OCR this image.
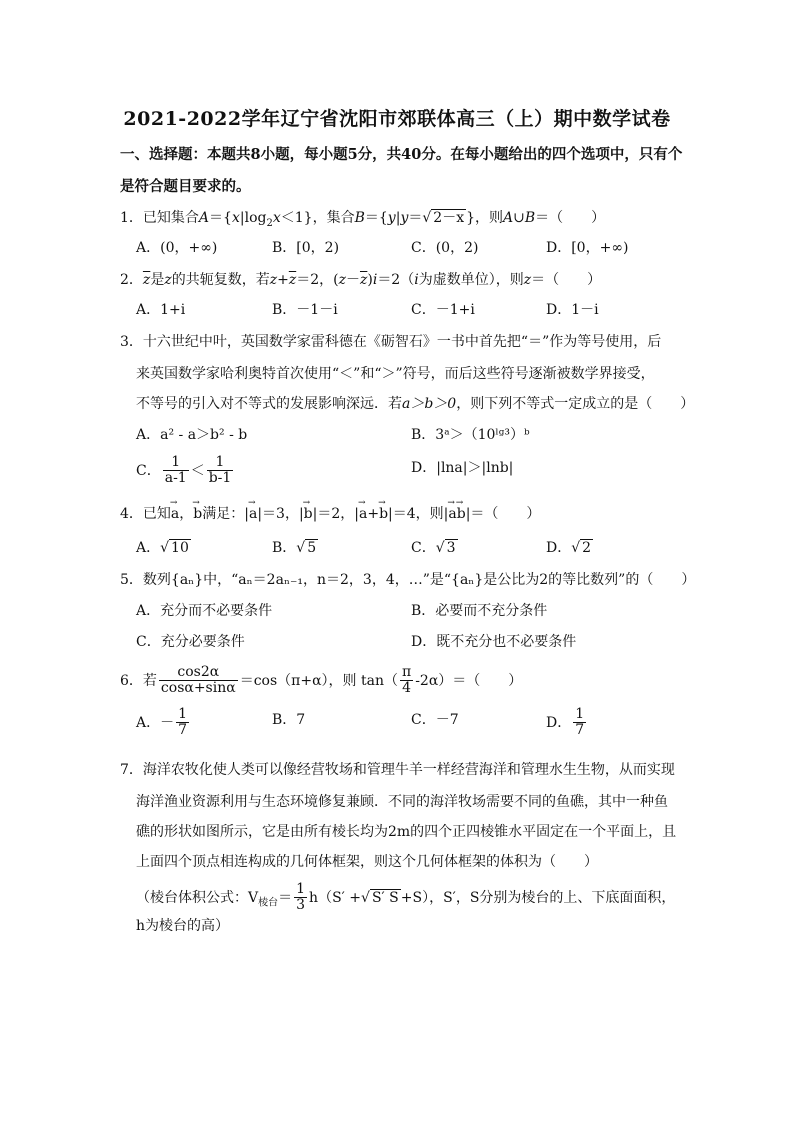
2021-2022学年辽宁省沈阳市郊联体高三（上）期中数学试卷
一、选择题：本题共8小题，每小题5分，共40分。在每小题给出的四个选项中，只有个
是符合题目要求的。
1．已知集合$A=\{x|\log_2x<1\}$，集合B＝{y|y＝√ 2－x }，则A∪B＝（　　）
A．(0，+∞)	B．[0，2)	C．(0，2)	D．[0，+∞)
2．$\overline{z}$是z的共轭复数，若$z+\overline{z}=2$，$(z-\overline{z})i=2(i$为虚数单位），则z＝（　　）
A．1+i	B．－1－i	C．－1+i	D．1－i
3．十六世纪中叶，英国数学家雷科德在《砺智石》一书中首先把“＝”作为等号使用，后
来英国数学家哈利奥特首次使用“＜”和“＞”符号，而后这些符号逐渐被数学界接受，
不等号的引入对不等式的发展影响深远．若a＞b＞0，则下列不等式一定成立的是（　　）
A．a² - a＞b² - b	B．3ᵃ＞（10ˡᵍ³）ᵇ
C． $\frac{1}{a-1} < \frac{1}{b-1}$	D．|lna|＞|lnb|
4．已知→ a，→ b满足：|→ a|＝3，|→ b|＝2，|→ a+→ b|＝4，则|→ a→ b|＝（　　）
A．√ 10	B．√ 5	C．√ 3	D．√ 2
5．数列{aₙ}中，“aₙ＝2aₙ₋₁，n＝2，3，4，…”是“{aₙ}是公比为2的等比数列”的（　　）
A．充分而不必要条件	B．必要而不充分条件
C．充分必要条件	D．既不充分也不必要条件
6．若 $\frac{\cos 2\alpha}{\cos\alpha+\sin\alpha} =\cos(\pi+\alpha)$，则 $\tan( \frac{\pi}{4} -2\alpha)=$（　　）
A．－ $\frac{1}{7}$	B．7	C．－7	D． $\frac{1}{7}$
7．海洋农牧化使人类可以像经营牧场和管理牛羊一样经营海洋和管理水生生物，从而实现
海洋渔业资源利用与生态环境修复兼顾．不同的海洋牧场需要不同的鱼礁，其中一种鱼
礁的形状如图所示，它是由所有棱长均为2m的四个正四棱锥水平固定在一个平面上，且
上面四个顶点相连构成的几何体框架，则这个几何体框架的体积为（　　）
（棱台体积公式：$V_{棱台}= \frac{1}{3} h(S'$ +√ S′ S +S），S′，S分别为棱台的上、下底面面积，
h为棱台的高）
